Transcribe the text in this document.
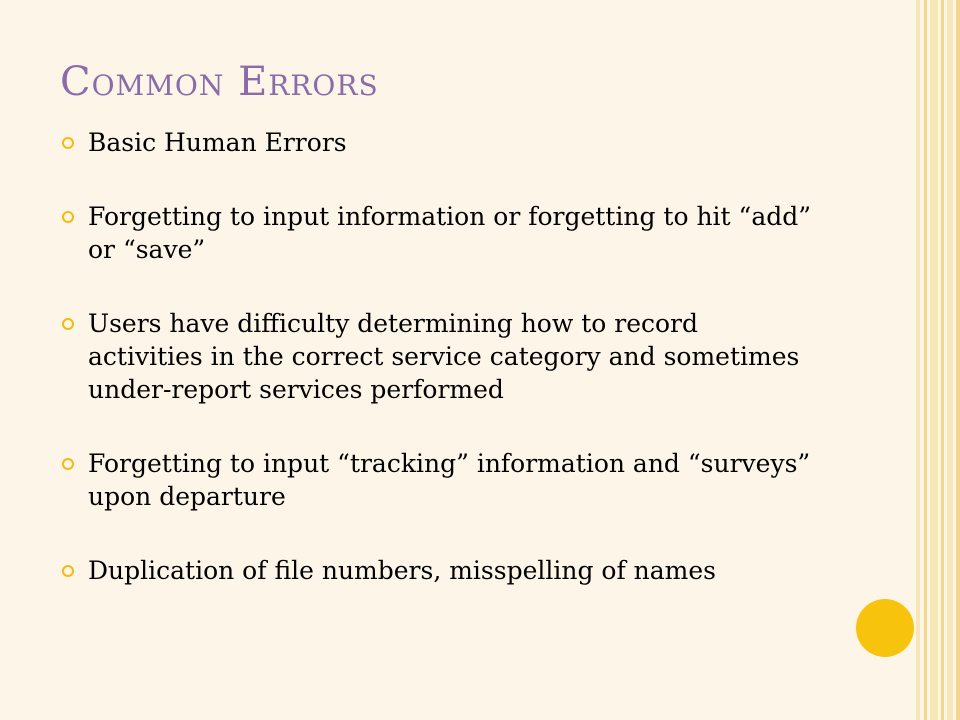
Common Errors
Basic Human Errors
Forgetting to input information or forgetting to hit “add” or “save”
Users have difficulty determining how to record activities in the correct service category and sometimes under-report services performed
Forgetting to input “tracking” information and “surveys” upon departure
Duplication of file numbers, misspelling of names
